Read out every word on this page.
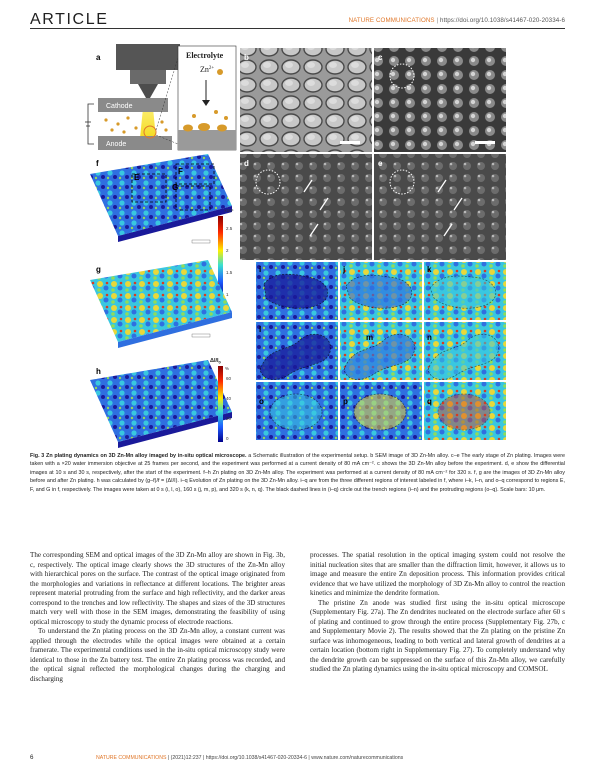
ARTICLE	NATURE COMMUNICATIONS | https://doi.org/10.1038/s41467-020-20334-6
a
Cathode
Anode
Electrolyte
$Zn^{2+}$
b	c
d	e
f
E
F
G
×10⁴
2.5
2
1.5
1
g
h
$\Delta I/I_0$
%
60
40
20
0
i	j	k
l
m	n
o	p	q
Fig. 3 Zn plating dynamics on 3D Zn-Mn alloy imaged by in-situ optical microscope. a Schematic illustration of the experimental setup. b SEM image of 3D Zn-Mn alloy. c–e The early stage of Zn plating. Images were taken with a ×20 water immersion objective at 25 frames per second, and the experiment was performed at a current density of 80 mA cm⁻². c shows the 3D Zn-Mn alloy before the experiment. d, e show the differential images at 10 s and 30 s, respectively, after the start of the experiment. f–h Zn plating on 3D Zn-Mn alloy. The experiment was performed at a current density of 80 mA cm⁻² for 320 s. f, g are the images of 3D Zn-Mn alloy before and after Zn plating. h was calculated by (g–f)/f = (ΔI/I). i–q Evolution of Zn plating on the 3D Zn-Mn alloy. i–q are from the three different regions of interest labeled in f, where i–k, l–n, and o–q correspond to regions E, F, and G in f, respectively. The images were taken at 0 s (i, l, o), 160 s (j, m, p), and 320 s (k, n, q). The black dashed lines in (i–q) circle out the trench regions (i–n) and the protruding regions (o–q). Scale bars: 10 μm.

The corresponding SEM and optical images of the 3D Zn-Mn alloy are shown in Fig. 3b, c, respectively. The optical image clearly shows the 3D structures of the Zn-Mn alloy with hierarchical pores on the surface. The contrast of the optical image originated from the morphologies and variations in reflectance at different locations. The brighter areas represent material protruding from the surface and high reflectivity, and the darker areas correspond to the trenches and low reflectivity. The shapes and sizes of the 3D structures match very well with those in the SEM images, demonstrating the feasibility of using optical microscopy to study the dynamic process of electrode reactions.

To understand the Zn plating process on the 3D Zn-Mn alloy, a constant current was applied through the electrodes while the optical images were obtained at a certain framerate. The experimental conditions used in the in-situ optical microscopy study were identical to those in the Zn battery test. The entire Zn plating process was recorded, and the optical signal reflected the morphological changes during the charging and discharging

processes. The spatial resolution in the optical imaging system could not resolve the initial nucleation sites that are smaller than the diffraction limit, however, it allows us to image and measure the entire Zn deposition process. This information provides critical evidence that we have utilized the morphology of 3D Zn-Mn alloy to control the reaction kinetics and minimize the dendrite formation.

The pristine Zn anode was studied first using the in-situ optical microscope (Supplementary Fig. 27a). The Zn dendrites nucleated on the electrode surface after 60 s of plating and continued to grow through the entire process (Supplementary Fig. 27b, c and Supplementary Movie 2). The results showed that the Zn plating on the pristine Zn surface was inhomogeneous, leading to both vertical and lateral growth of dendrites at a certain location (bottom right in Supplementary Fig. 27). To completely understand why the dendrite growth can be suppressed on the surface of this Zn-Mn alloy, we carefully studied the Zn plating dynamics using the in-situ optical microscopy and COMSOL

6	NATURE COMMUNICATIONS | (2021)12:237 | https://doi.org/10.1038/s41467-020-20334-6 | www.nature.com/naturecommunications
